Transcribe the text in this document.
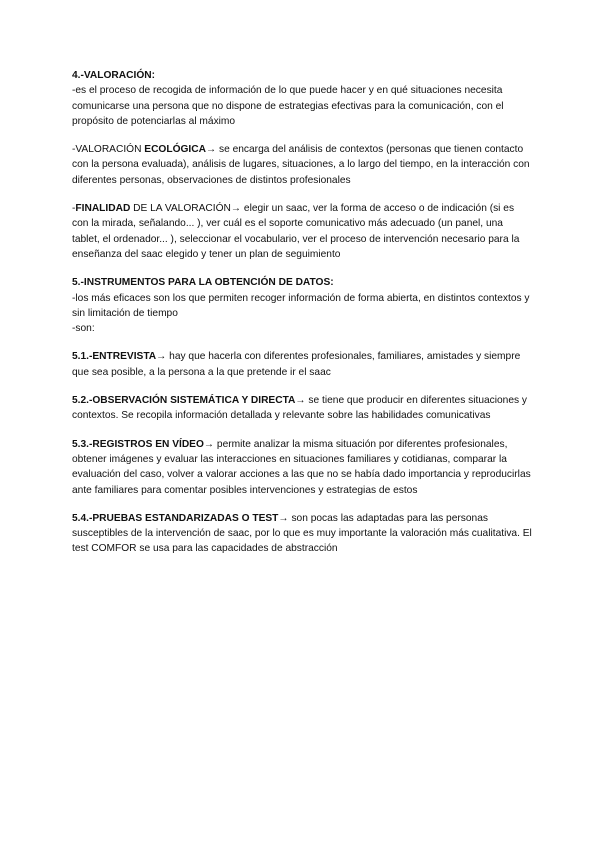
4.-VALORACIÓN:

-es el proceso de recogida de información de lo que puede hacer y en qué situaciones necesita comunicarse una persona que no dispone de estrategias efectivas para la comunicación, con el propósito de potenciarlas al máximo

-VALORACIÓN ECOLÓGICA→ se encarga del análisis de contextos (personas que tienen contacto con la persona evaluada), análisis de lugares, situaciones, a lo largo del tiempo, en la interacción con diferentes personas, observaciones de distintos profesionales

-FINALIDAD DE LA VALORACIÓN→ elegir un saac, ver la forma de acceso o de indicación (si es con la mirada, señalando... ), ver cuál es el soporte comunicativo más adecuado (un panel, una tablet, el ordenador... ), seleccionar el vocabulario, ver el proceso de intervención necesario para la enseñanza del saac elegido y tener un plan de seguimiento

5.-INSTRUMENTOS PARA LA OBTENCIÓN DE DATOS:

-los más eficaces son los que permiten recoger información de forma abierta, en distintos contextos y sin limitación de tiempo

-son:

5.1.-ENTREVISTA→ hay que hacerla con diferentes profesionales, familiares, amistades y siempre que sea posible, a la persona a la que pretende ir el saac

5.2.-OBSERVACIÓN SISTEMÁTICA Y DIRECTA→ se tiene que producir en diferentes situaciones y contextos. Se recopila información detallada y relevante sobre las habilidades comunicativas

5.3.-REGISTROS EN VÍDEO→ permite analizar la misma situación por diferentes profesionales, obtener imágenes y evaluar las interacciones en situaciones familiares y cotidianas, comparar la evaluación del caso, volver a valorar acciones a las que no se había dado importancia y reproducirlas ante familiares para comentar posibles intervenciones y estrategias de estos

5.4.-PRUEBAS ESTANDARIZADAS O TEST→ son pocas las adaptadas para las personas susceptibles de la intervención de saac, por lo que es muy importante la valoración más cualitativa. El test COMFOR se usa para las capacidades de abstracción
